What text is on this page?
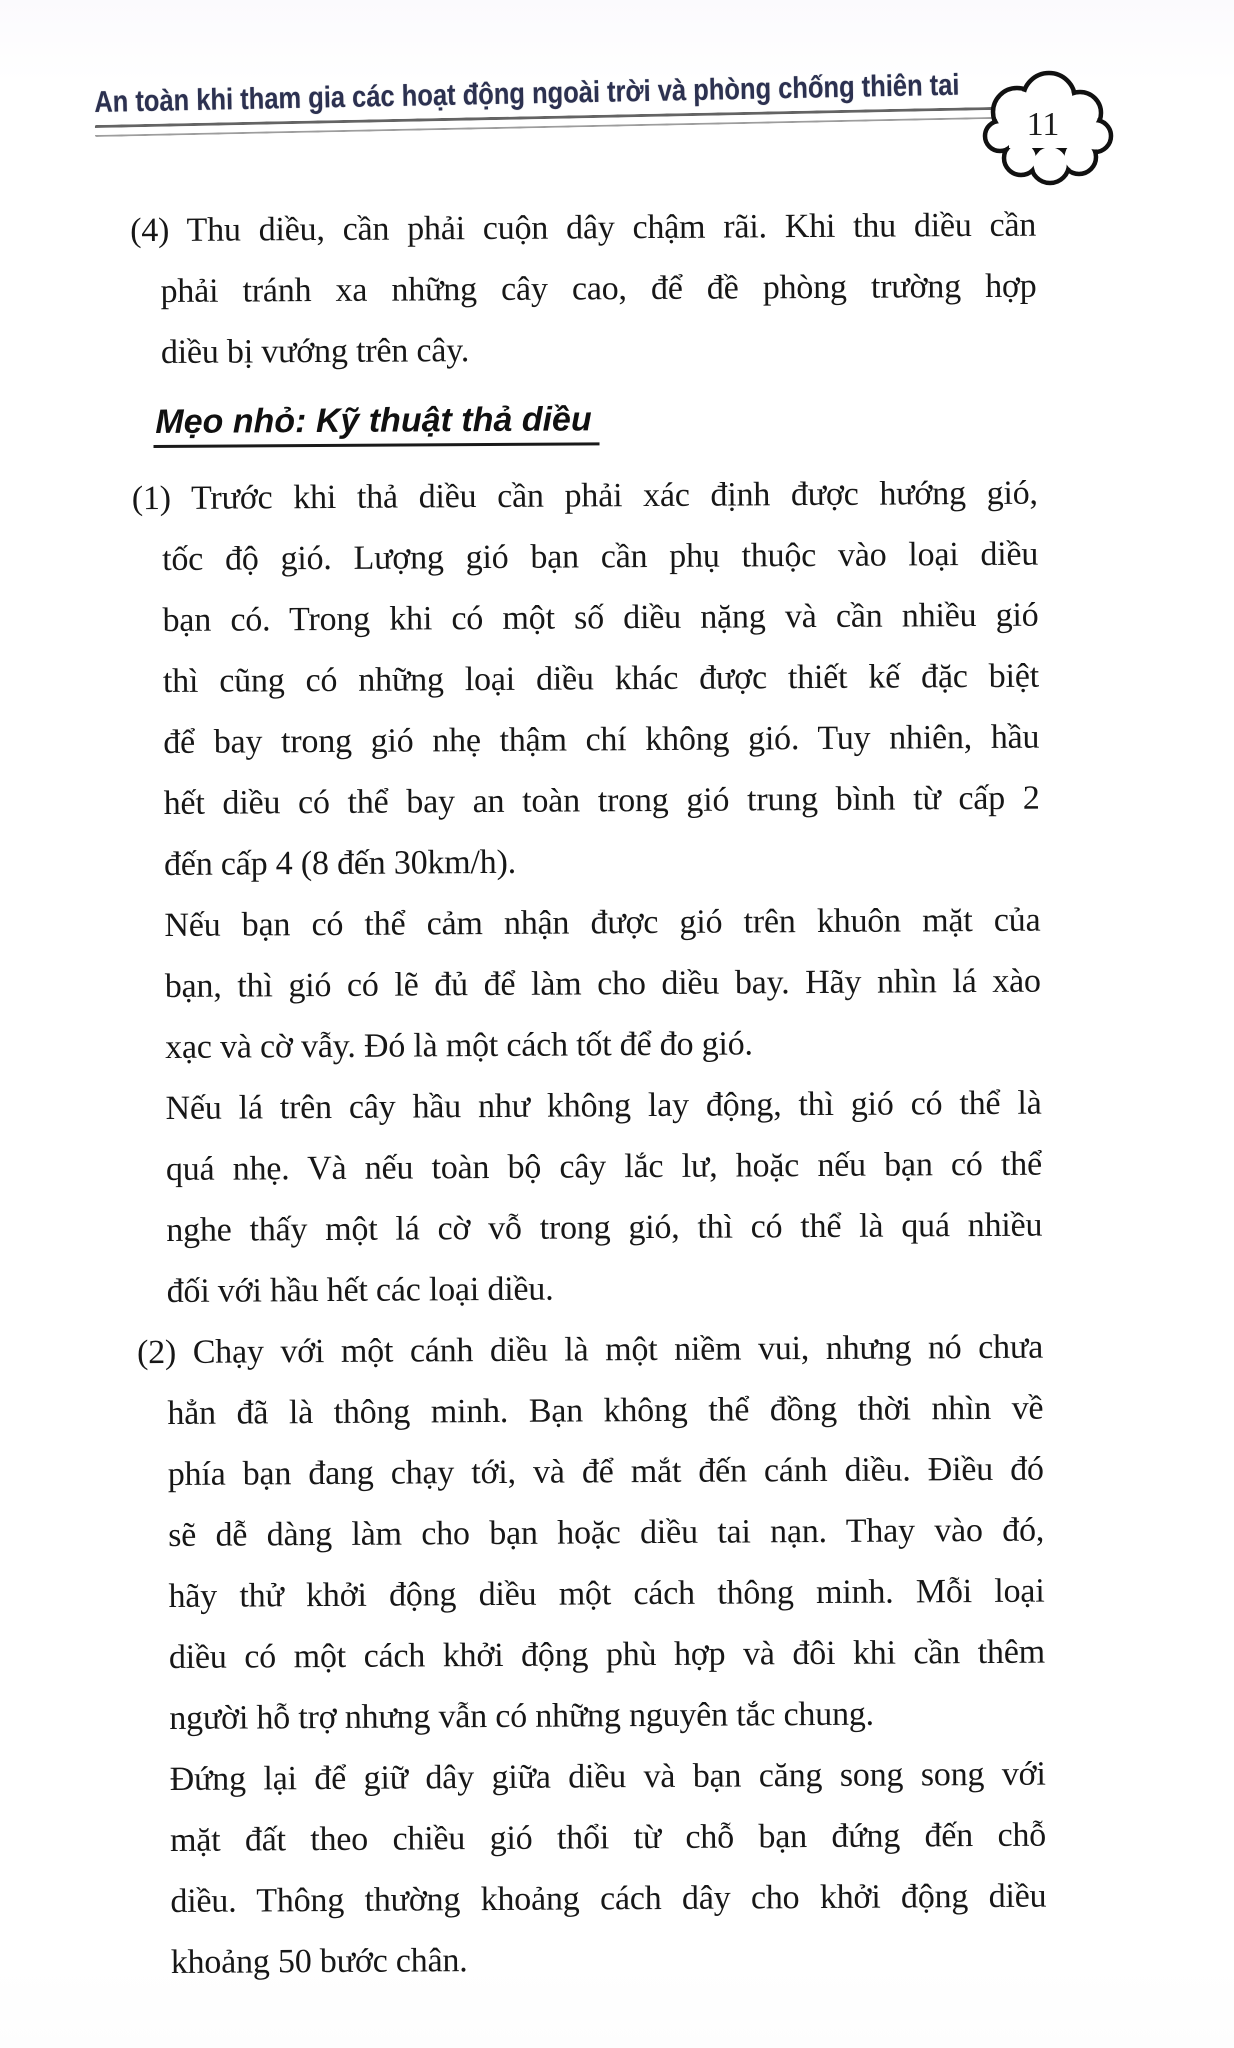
An toàn khi tham gia các hoạt động ngoài trời và phòng chống thiên tai
11
(4) Thu diều, cần phải cuộn dây chậm rãi. Khi thu diều cần
phải tránh xa những cây cao, để đề phòng trường hợp
diều bị vướng trên cây.
Mẹo nhỏ: Kỹ thuật thả diều
(1) Trước khi thả diều cần phải xác định được hướng gió,
tốc độ gió. Lượng gió bạn cần phụ thuộc vào loại diều
bạn có. Trong khi có một số diều nặng và cần nhiều gió
thì cũng có những loại diều khác được thiết kế đặc biệt
để bay trong gió nhẹ thậm chí không gió. Tuy nhiên, hầu
hết diều có thể bay an toàn trong gió trung bình từ cấp 2
đến cấp 4 (8 đến 30km/h).
Nếu bạn có thể cảm nhận được gió trên khuôn mặt của
bạn, thì gió có lẽ đủ để làm cho diều bay. Hãy nhìn lá xào
xạc và cờ vẫy. Đó là một cách tốt để đo gió.
Nếu lá trên cây hầu như không lay động, thì gió có thể là
quá nhẹ. Và nếu toàn bộ cây lắc lư, hoặc nếu bạn có thể
nghe thấy một lá cờ vỗ trong gió, thì có thể là quá nhiều
đối với hầu hết các loại diều.
(2) Chạy với một cánh diều là một niềm vui, nhưng nó chưa
hẳn đã là thông minh. Bạn không thể đồng thời nhìn về
phía bạn đang chạy tới, và để mắt đến cánh diều. Điều đó
sẽ dễ dàng làm cho bạn hoặc diều tai nạn. Thay vào đó,
hãy thử khởi động diều một cách thông minh. Mỗi loại
diều có một cách khởi động phù hợp và đôi khi cần thêm
người hỗ trợ nhưng vẫn có những nguyên tắc chung.
Đứng lại để giữ dây giữa diều và bạn căng song song với
mặt đất theo chiều gió thổi từ chỗ bạn đứng đến chỗ
diều. Thông thường khoảng cách dây cho khởi động diều
khoảng 50 bước chân.
